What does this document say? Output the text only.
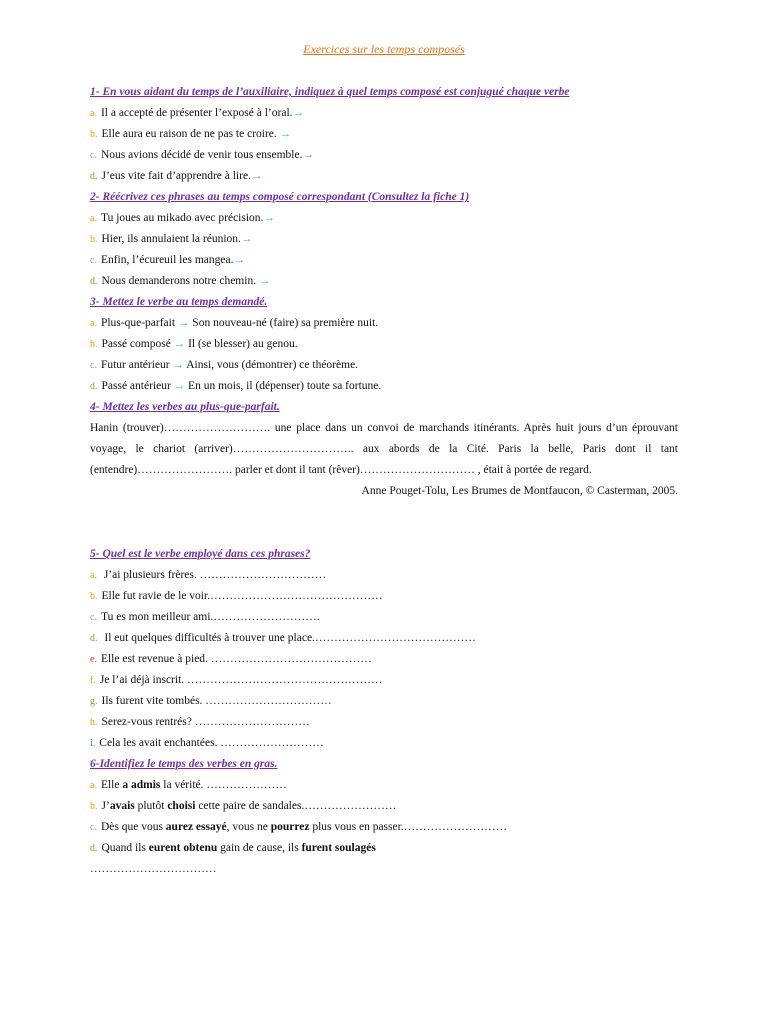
Exercices sur les temps composés
1- En vous aidant du temps de l’auxiliaire, indiquez à quel temps composé est conjugué chaque verbe
a. Il a accepté de présenter l’exposé à l’oral.→
b. Elle aura eu raison de ne pas te croire. →
c. Nous avions décidé de venir tous ensemble.→
d. J’eus vite fait d’apprendre à lire.→
2- Réécrivez ces phrases au temps composé correspondant (Consultez la fiche 1)
a. Tu joues au mikado avec précision.→
b. Hier, ils annulaient la réunion.→
c. Enfin, l’écureuil les mangea.→
d. Nous demanderons notre chemin. →
3- Mettez le verbe au temps demandé.
a. Plus-que-parfait → Son nouveau-né (faire) sa première nuit.
b. Passé composé → Il (se blesser) au genou.
c. Futur antérieur → Ainsi, vous (démontrer) ce théorème.
d. Passé antérieur → En un mois, il (dépenser) toute sa fortune.
4- Mettez les verbes au plus-que-parfait.
Hanin (trouver)………………………. une place dans un convoi de marchands itinérants. Après huit jours d’un éprouvant voyage, le chariot (arriver)………………………….. aux abords de la Cité. Paris la belle, Paris dont il tant (entendre)……………………. parler et dont il tant (rêver)………………………… , était à portée de regard.
Anne Pouget-Tolu, Les Brumes de Montfaucon, © Casterman, 2005.
5- Quel est le verbe employé dans ces phrases?
a. J’ai plusieurs frères. ……………………………
b. Elle fut ravie de le voir.………………………………………
c. Tu es mon meilleur ami.……………………….
d. Il eut quelques difficultés à trouver une place.……………………………………
e. Elle est revenue à pied. ……………………………………
f. Je l’ai déjà inscrit. ……………………………………………
g. Ils furent vite tombés. ……………………………
h. Serez-vous rentrés? …………………………
i. Cela les avait enchantées. ………………………
6-Identifiez le temps des verbes en gras.
a. Elle a admis la vérité. …………………
b. J’avais plutôt choisi cette paire de sandales.……………………
c. Dès que vous aurez essayé, vous ne pourrez plus vous en passer.………………………
d. Quand ils eurent obtenu gain de cause, ils furent soulagés
……………………………
